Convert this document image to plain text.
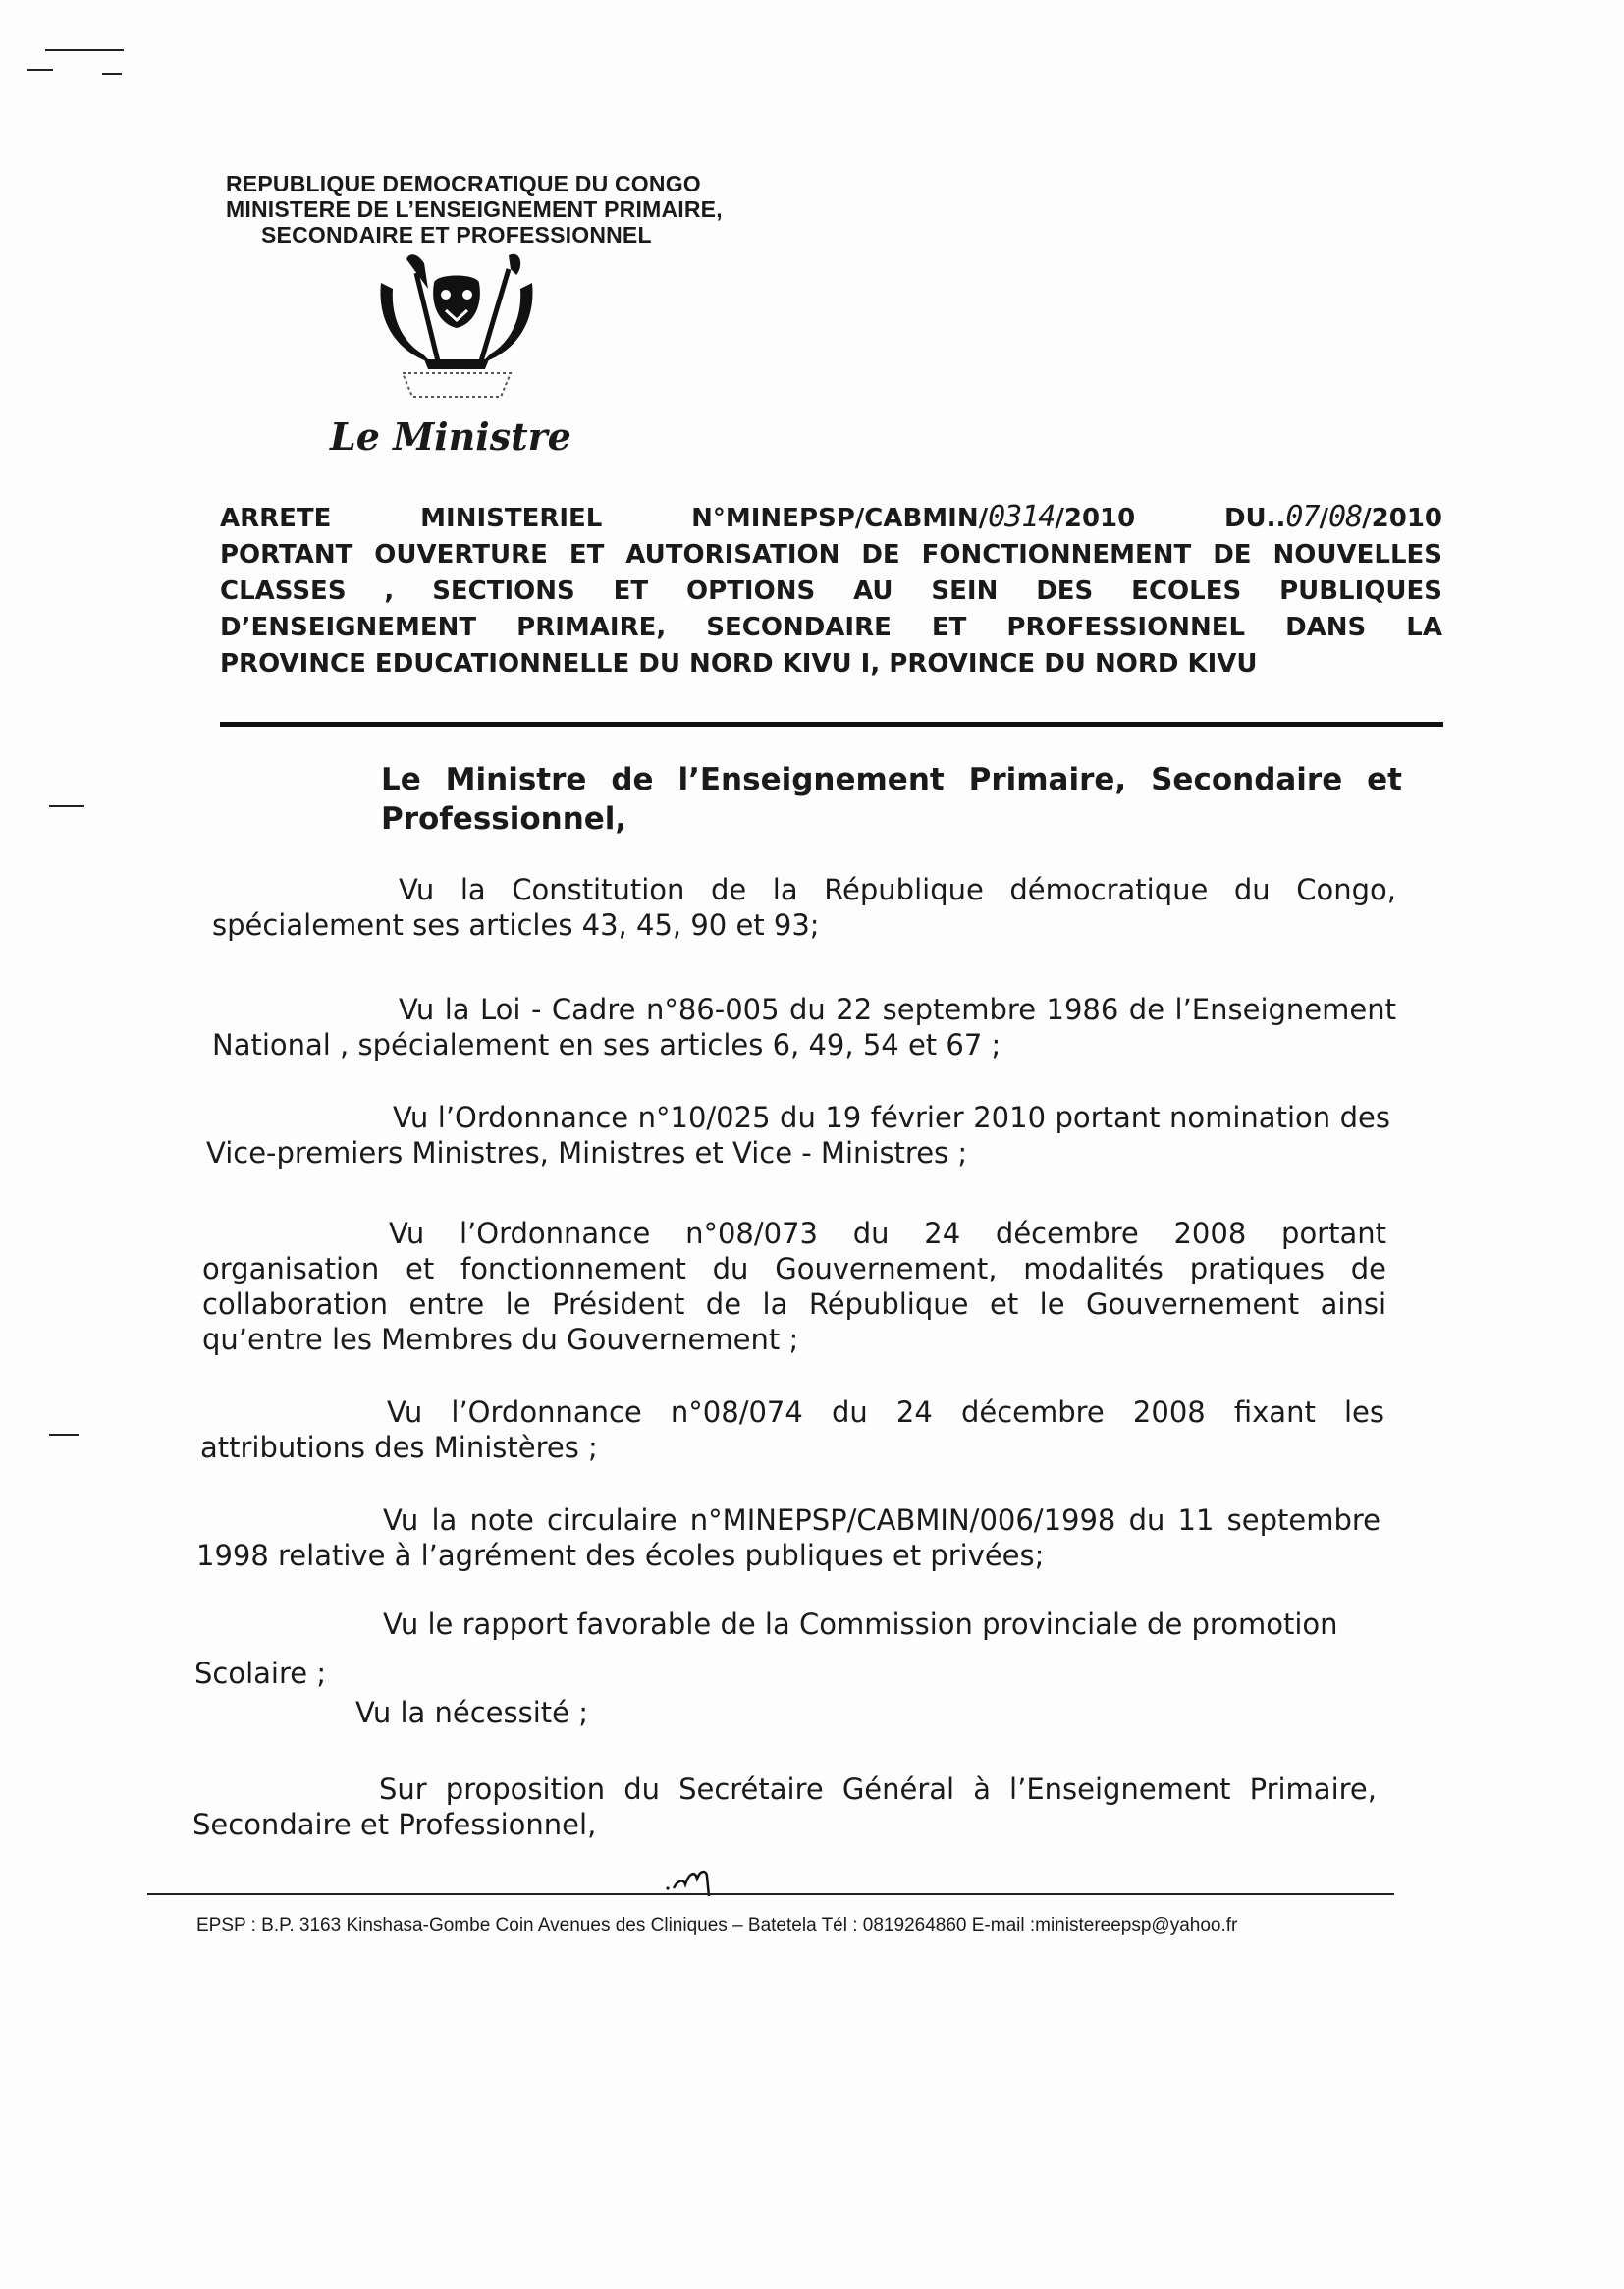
REPUBLIQUE DEMOCRATIQUE DU CONGO
MINISTERE DE L’ENSEIGNEMENT PRIMAIRE,
SECONDAIRE ET PROFESSIONNEL
Le Ministre
ARRETE MINISTERIEL N°MINEPSP/CABMIN/0314/2010 DU..07/08/2010
PORTANT OUVERTURE ET AUTORISATION DE FONCTIONNEMENT DE NOUVELLES
CLASSES , SECTIONS ET OPTIONS AU SEIN DES ECOLES PUBLIQUES
D’ENSEIGNEMENT PRIMAIRE, SECONDAIRE ET PROFESSIONNEL DANS LA
PROVINCE EDUCATIONNELLE DU NORD KIVU I, PROVINCE DU NORD KIVU
Le Ministre de l’Enseignement Primaire, Secondaire et
Professionnel,
Vu la Constitution de la République démocratique du Congo, spécialement ses articles 43, 45, 90 et 93;
Vu la Loi - Cadre n°86-005 du 22 septembre 1986 de l’Enseignement National , spécialement en ses articles 6, 49, 54 et 67 ;
Vu l’Ordonnance n°10/025 du 19 février 2010 portant nomination des Vice-premiers Ministres, Ministres et Vice - Ministres ;
Vu l’Ordonnance n°08/073 du 24 décembre 2008 portant organisation et fonctionnement du Gouvernement, modalités pratiques de collaboration entre le Président de la République et le Gouvernement ainsi qu’entre les Membres du Gouvernement ;
Vu l’Ordonnance n°08/074 du 24 décembre 2008 fixant les attributions des Ministères ;
Vu la note circulaire n°MINEPSP/CABMIN/006/1998 du 11 septembre 1998 relative à l’agrément des écoles publiques et privées;
Vu le rapport favorable de la Commission provinciale de promotion
Scolaire ;
Vu la nécessité ;
Sur proposition du Secrétaire Général à l’Enseignement Primaire, Secondaire et Professionnel,
EPSP : B.P. 3163 Kinshasa-Gombe Coin Avenues des Cliniques – Batetela Tél : 0819264860 E-mail :ministereepsp@yahoo.fr
